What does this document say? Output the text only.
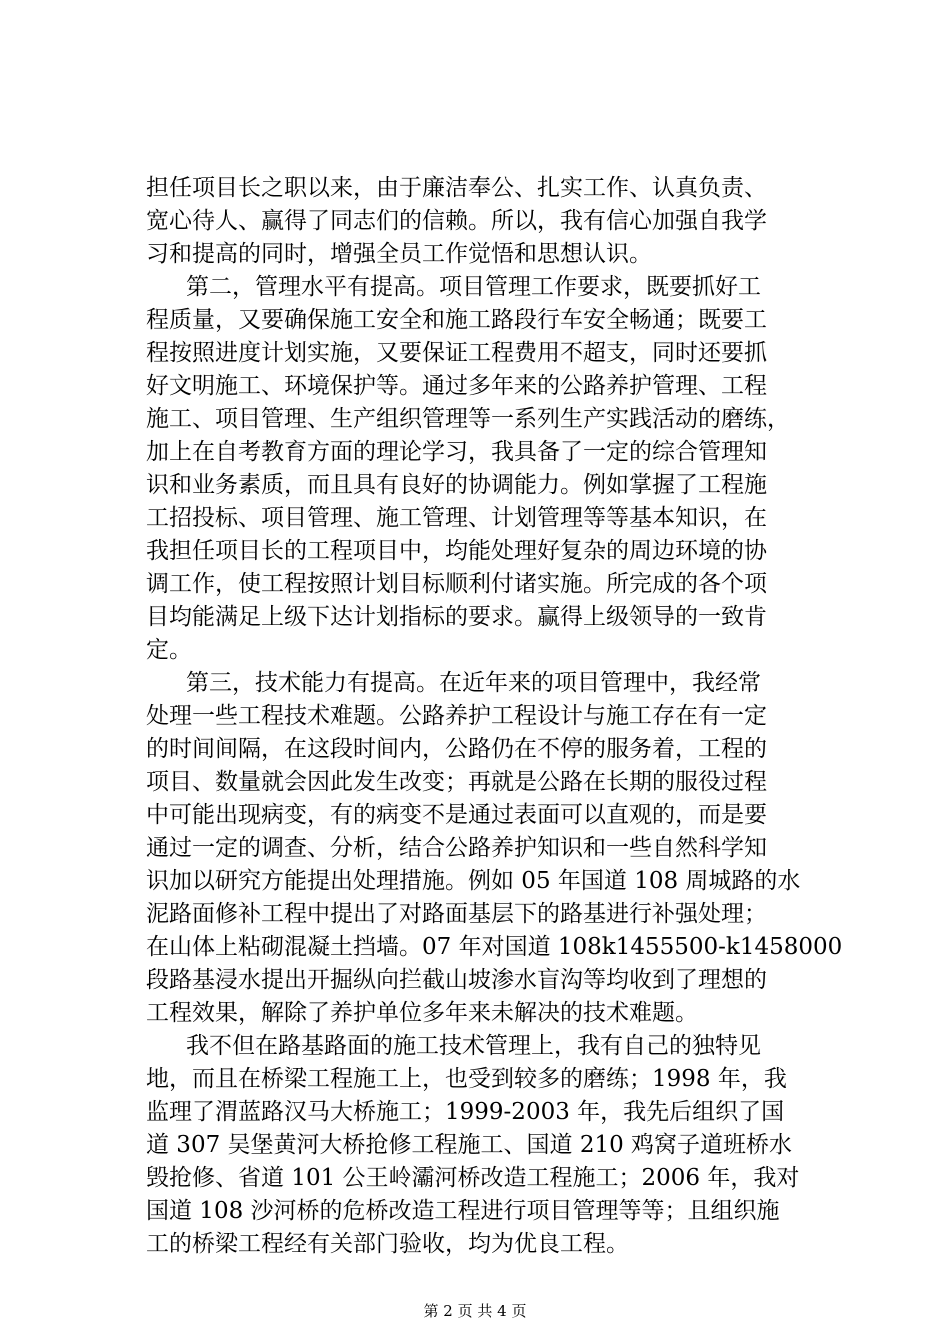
担任项目长之职以来，由于廉洁奉公、扎实工作、认真负责、
宽心待人、赢得了同志们的信赖。所以，我有信心加强自我学
习和提高的同时，增强全员工作觉悟和思想认识。
第二，管理水平有提高。项目管理工作要求，既要抓好工
程质量，又要确保施工安全和施工路段行车安全畅通；既要工
程按照进度计划实施，又要保证工程费用不超支，同时还要抓
好文明施工、环境保护等。通过多年来的公路养护管理、工程
施工、项目管理、生产组织管理等一系列生产实践活动的磨练，
加上在自考教育方面的理论学习，我具备了一定的综合管理知
识和业务素质，而且具有良好的协调能力。例如掌握了工程施
工招投标、项目管理、施工管理、计划管理等等基本知识，在
我担任项目长的工程项目中，均能处理好复杂的周边环境的协
调工作，使工程按照计划目标顺利付诸实施。所完成的各个项
目均能满足上级下达计划指标的要求。赢得上级领导的一致肯
定。
第三，技术能力有提高。在近年来的项目管理中，我经常
处理一些工程技术难题。公路养护工程设计与施工存在有一定
的时间间隔，在这段时间内，公路仍在不停的服务着，工程的
项目、数量就会因此发生改变；再就是公路在长期的服役过程
中可能出现病变，有的病变不是通过表面可以直观的，而是要
通过一定的调查、分析，结合公路养护知识和一些自然科学知
识加以研究方能提出处理措施。例如 05 年国道 108 周城路的水
泥路面修补工程中提出了对路面基层下的路基进行补强处理；
在山体上粘砌混凝土挡墙。07 年对国道 108k1455500-k1458000
段路基浸水提出开掘纵向拦截山坡渗水盲沟等均收到了理想的
工程效果，解除了养护单位多年来未解决的技术难题。
我不但在路基路面的施工技术管理上，我有自己的独特见
地，而且在桥梁工程施工上，也受到较多的磨练；1998 年，我
监理了渭蓝路汉马大桥施工；1999-2003 年，我先后组织了国
道 307 吴堡黄河大桥抢修工程施工、国道 210 鸡窝子道班桥水
毁抢修、省道 101 公王岭灞河桥改造工程施工；2006 年，我对
国道 108 沙河桥的危桥改造工程进行项目管理等等；且组织施
工的桥梁工程经有关部门验收，均为优良工程。
第 2 页 共 4 页
